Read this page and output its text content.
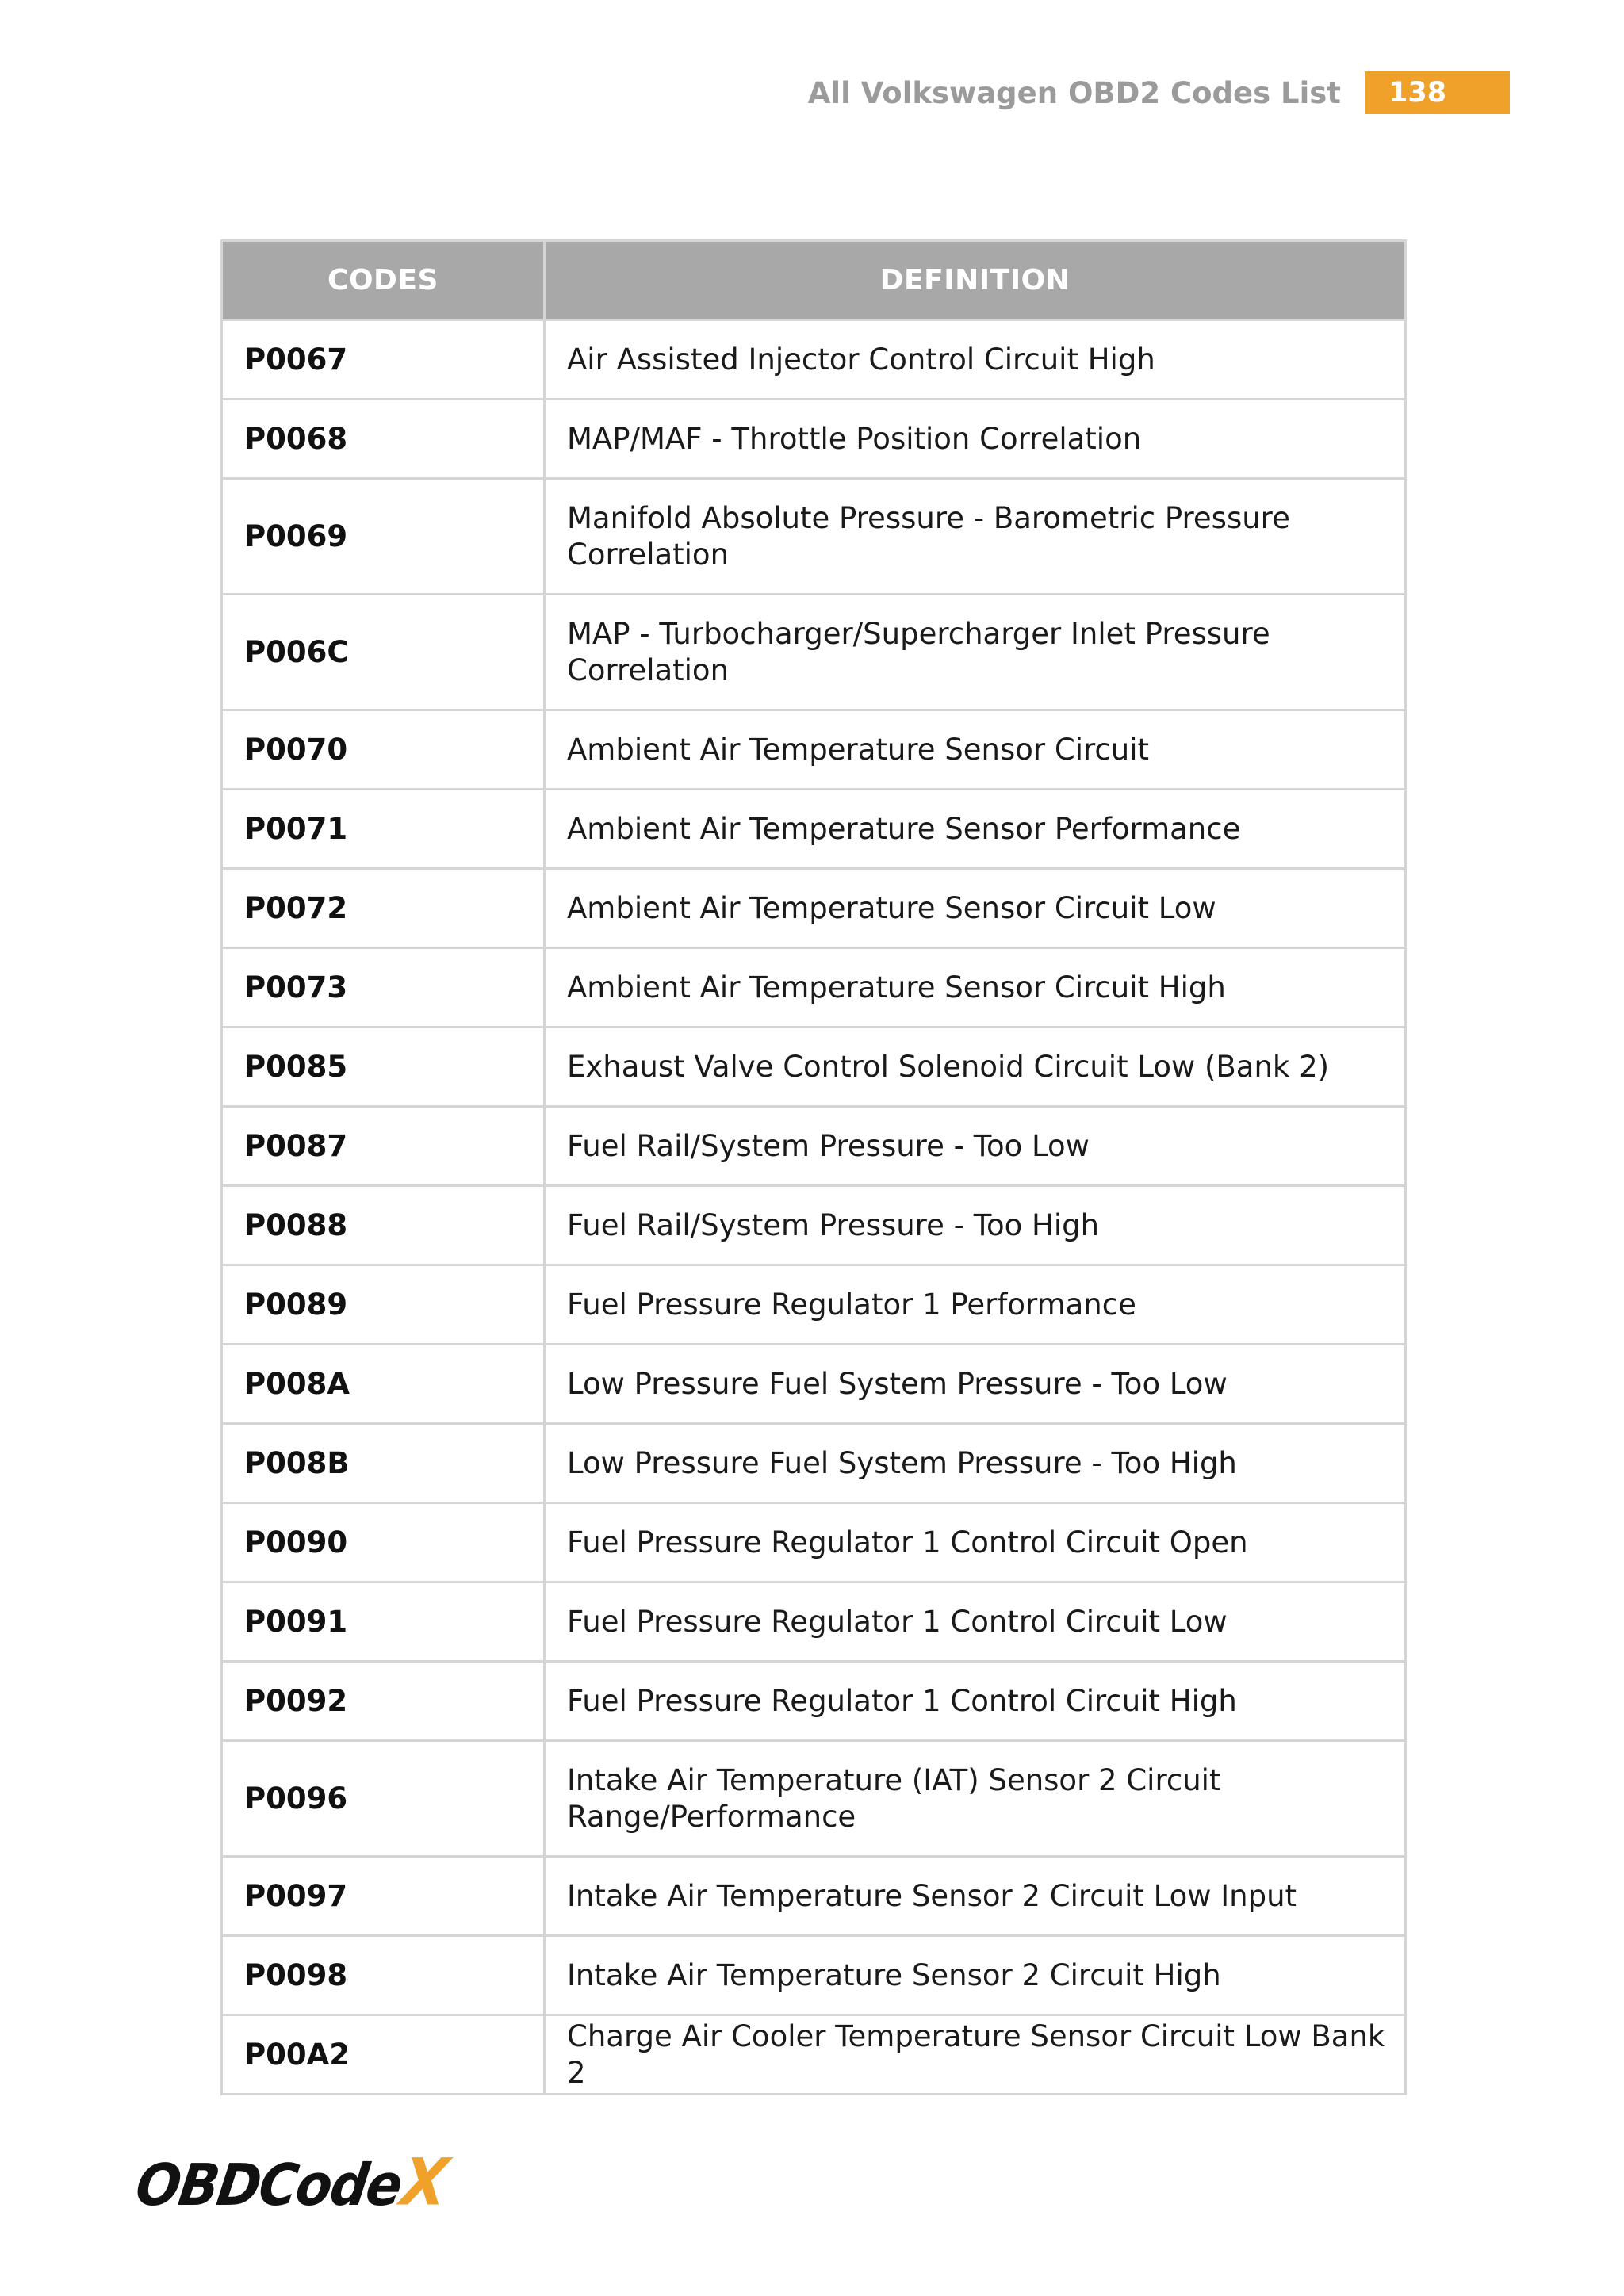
All Volkswagen OBD2 Codes List	138
CODES	DEFINITION
P0067	Air Assisted Injector Control Circuit High
P0068	MAP/MAF - Throttle Position Correlation
P0069	Manifold Absolute Pressure - Barometric Pressure Correlation
P006C	MAP - Turbocharger/Supercharger Inlet Pressure Correlation
P0070	Ambient Air Temperature Sensor Circuit
P0071	Ambient Air Temperature Sensor Performance
P0072	Ambient Air Temperature Sensor Circuit Low
P0073	Ambient Air Temperature Sensor Circuit High
P0085	Exhaust Valve Control Solenoid Circuit Low (Bank 2)
P0087	Fuel Rail/System Pressure - Too Low
P0088	Fuel Rail/System Pressure - Too High
P0089	Fuel Pressure Regulator 1 Performance
P008A	Low Pressure Fuel System Pressure - Too Low
P008B	Low Pressure Fuel System Pressure - Too High
P0090	Fuel Pressure Regulator 1 Control Circuit Open
P0091	Fuel Pressure Regulator 1 Control Circuit Low
P0092	Fuel Pressure Regulator 1 Control Circuit High
P0096	Intake Air Temperature (IAT) Sensor 2 Circuit Range/Performance
P0097	Intake Air Temperature Sensor 2 Circuit Low Input
P0098	Intake Air Temperature Sensor 2 Circuit High
P00A2	Charge Air Cooler Temperature Sensor Circuit Low Bank 2
OBDCode
X
